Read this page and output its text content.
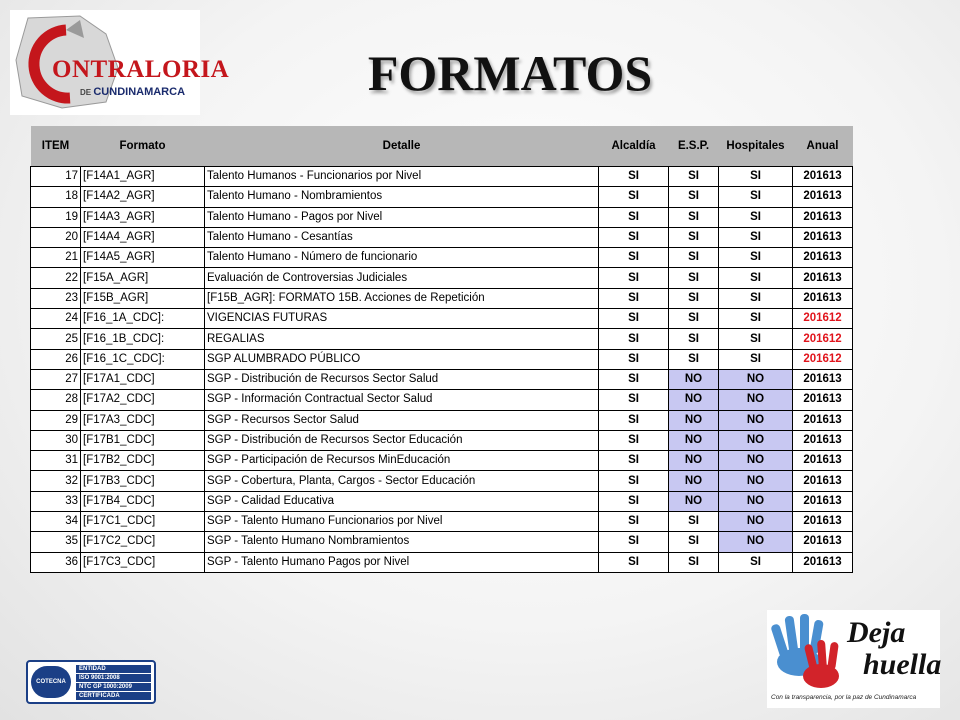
ONTRALORIA
DE CUNDINAMARCA	FORMATOS
ITEM	Formato	Detalle	Alcaldía	E.S.P.	Hospitales	Anual
17	[F14A1_AGR]	Talento Humanos - Funcionarios por Nivel	SI	SI	SI	201613
18	[F14A2_AGR]	Talento Humano - Nombramientos	SI	SI	SI	201613
19	[F14A3_AGR]	Talento Humano - Pagos por Nivel	SI	SI	SI	201613
20	[F14A4_AGR]	Talento Humano - Cesantías	SI	SI	SI	201613
21	[F14A5_AGR]	Talento Humano - Número de funcionario	SI	SI	SI	201613
22	[F15A_AGR]	Evaluación de Controversias Judiciales	SI	SI	SI	201613
23	[F15B_AGR]	[F15B_AGR]: FORMATO 15B. Acciones de Repetición	SI	SI	SI	201613
24	[F16_1A_CDC]:	VIGENCIAS FUTURAS	SI	SI	SI	201612
25	[F16_1B_CDC]:	REGALIAS	SI	SI	SI	201612
26	[F16_1C_CDC]:	SGP ALUMBRADO PÚBLICO	SI	SI	SI	201612
27	[F17A1_CDC]	SGP - Distribución de Recursos Sector Salud	SI	NO	NO	201613
28	[F17A2_CDC]	SGP - Información Contractual Sector Salud	SI	NO	NO	201613
29	[F17A3_CDC]	SGP - Recursos Sector Salud	SI	NO	NO	201613
30	[F17B1_CDC]	SGP - Distribución de Recursos Sector Educación	SI	NO	NO	201613
31	[F17B2_CDC]	SGP - Participación de Recursos MinEducación	SI	NO	NO	201613
32	[F17B3_CDC]	SGP - Cobertura, Planta, Cargos - Sector Educación	SI	NO	NO	201613
33	[F17B4_CDC]	SGP - Calidad Educativa	SI	NO	NO	201613
34	[F17C1_CDC]	SGP - Talento Humano Funcionarios por Nivel	SI	SI	NO	201613
35	[F17C2_CDC]	SGP - Talento Humano Nombramientos	SI	SI	NO	201613
36	[F17C3_CDC]	SGP - Talento Humano Pagos por Nivel	SI	SI	SI	201613
COTECNA
ENTIDAD
ISO 9001:2008
NTC GP 1000:2009
CERTIFICADA
Deja
huella
Con la transparencia, por la paz de Cundinamarca
